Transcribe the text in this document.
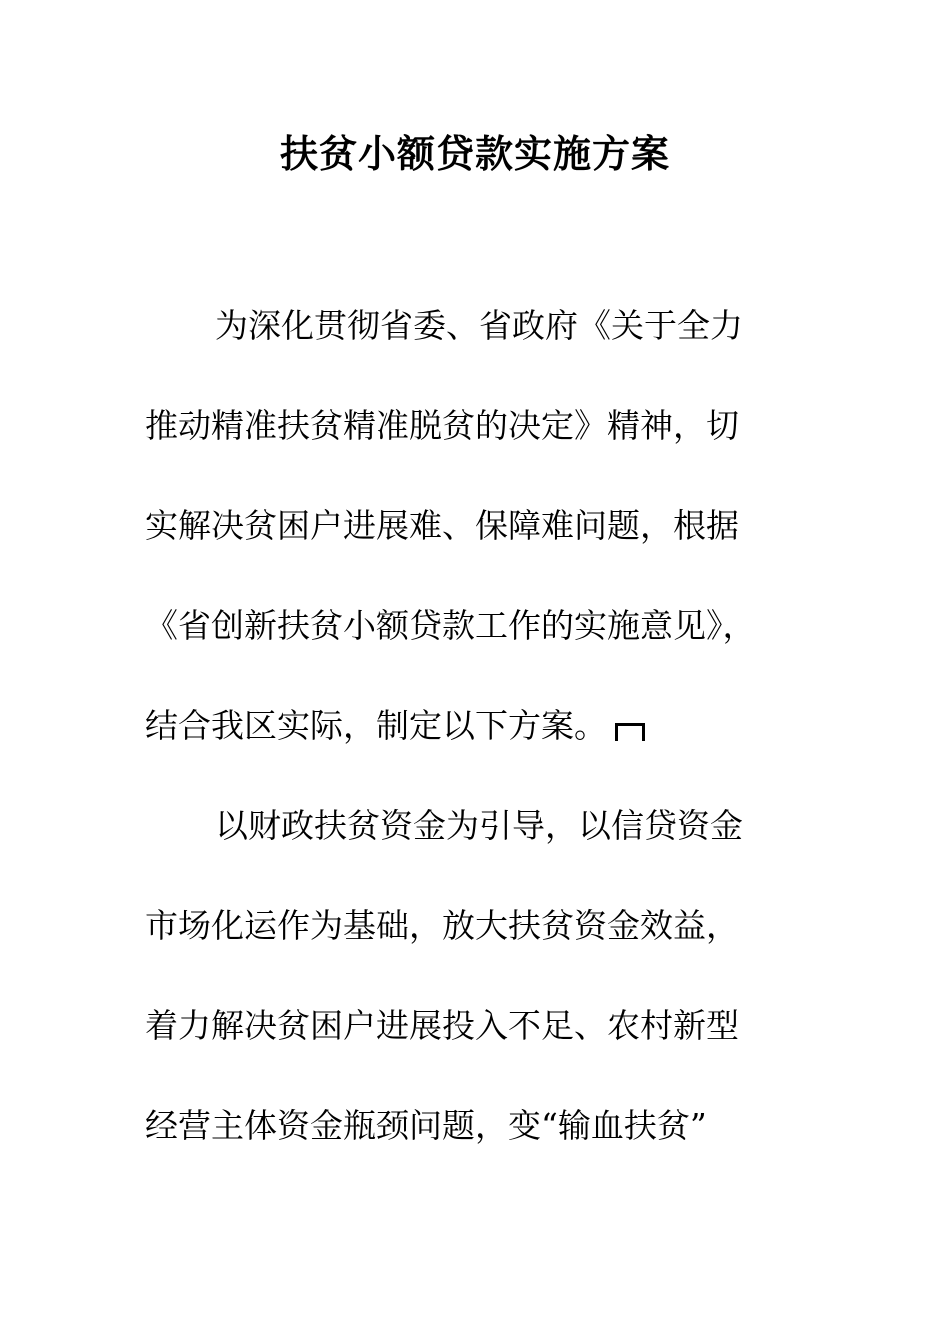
扶贫小额贷款实施方案
为深化贯彻省委、省政府《关于全力
推动精准扶贫精准脱贫的决定》精神，切
实解决贫困户进展难、保障难问题，根据
《省创新扶贫小额贷款工作的实施意见》，
结合我区实际，制定以下方案。
以财政扶贫资金为引导，以信贷资金
市场化运作为基础，放大扶贫资金效益，
着力解决贫困户进展投入不足、农村新型
经营主体资金瓶颈问题，变“输血扶贫”
